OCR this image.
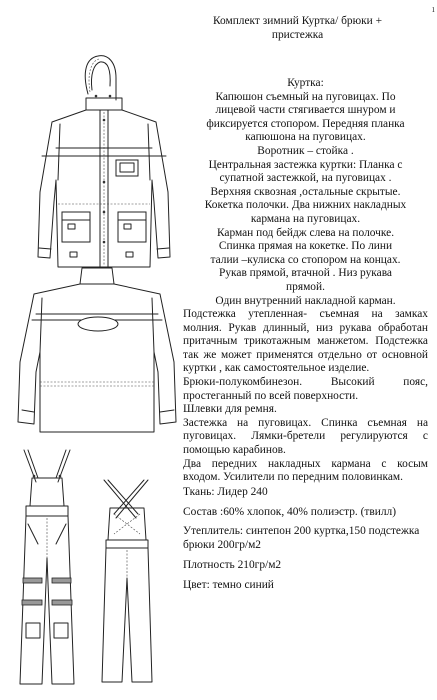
1
Комплект зимний Куртка/ брюки + пристежка

Куртка:

Капюшон съемный на пуговицах. По

лицевой части стягивается шнуром и

фиксируется стопором. Передняя планка

капюшона на пуговицах.

Воротник – стойка .

Центральная застежка куртки: Планка с

супатной застежкой, на пуговицах .

Верхняя сквозная ,остальные скрытые.

Кокетка полочки. Два нижних накладных

кармана на пуговицах.

Карман под бейдж слева на полочке.

Спинка прямая на кокетке. По лини

талии –кулиска со стопором на концах.

Рукав прямой, втачной . Низ рукава

прямой.

Один внутренний накладной карман.

Подстежка утепленная- съемная на замках молния. Рукав длинный, низ рукава обработан притачным трикотажным манжетом. Подстежка так же может применятся отдельно от основной куртки , как самостоятельное изделие.

Брюки-полукомбинезон. Высокий пояс, простеганный по всей поверхности.

Шлевки для ремня.

Застежка на пуговицах. Спинка съемная на пуговицах. Лямки-бретели регулируются с помощью карабинов.

Два передних накладных кармана с косым входом. Усилители по передним половинкам.

Ткань: Лидер 240

Состав :60% хлопок, 40% полиэстр. (твилл)

Утеплитель: синтепон 200 куртка,150 подстежка брюки 200гр/м2

Плотность 210гр/м2

Цвет: темно синий
